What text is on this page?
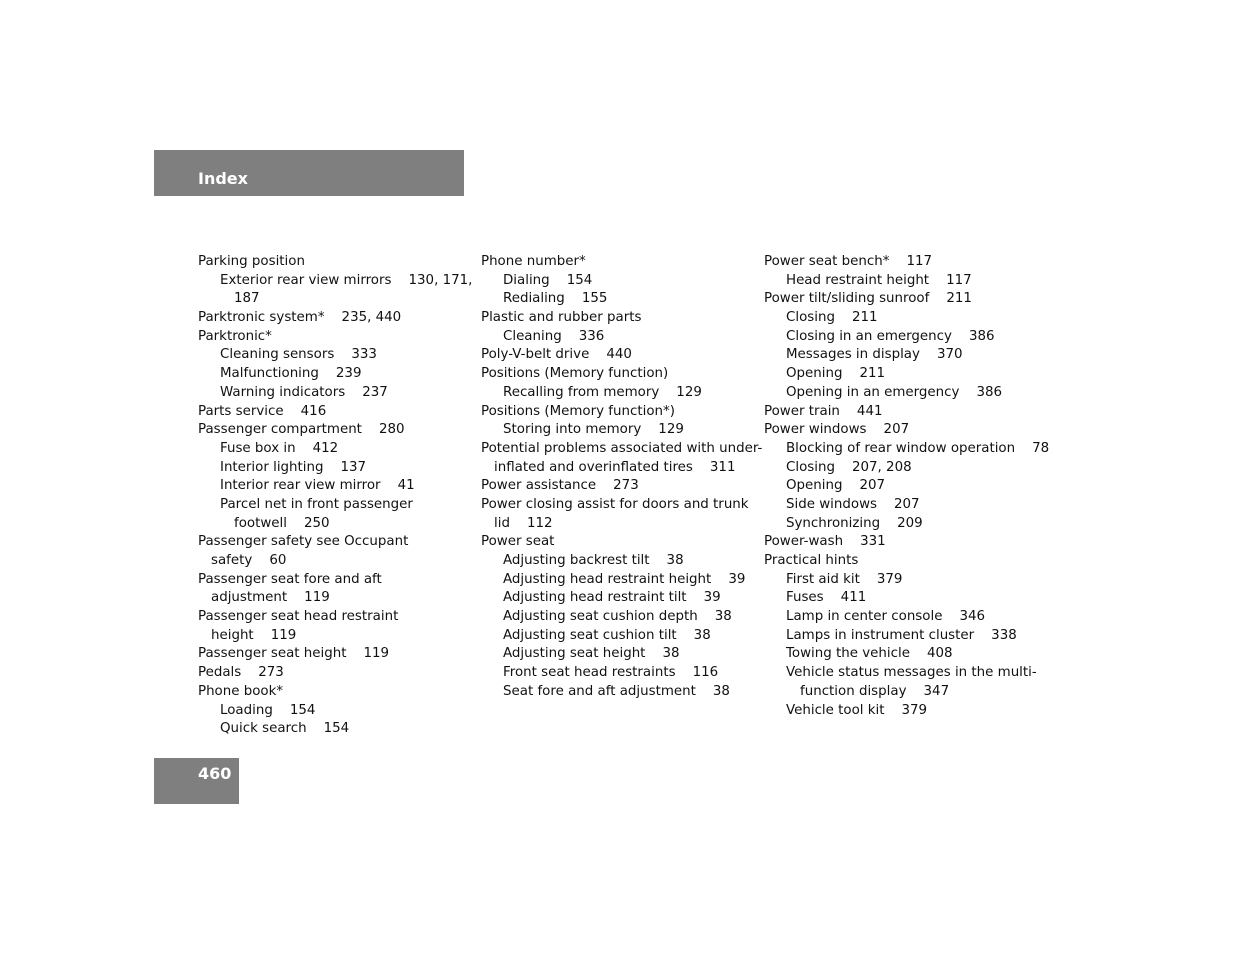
Index
Parking position
Exterior rear view mirrors    130, 171,
187
Parktronic system*    235, 440
Parktronic*
Cleaning sensors    333
Malfunctioning    239
Warning indicators    237
Parts service    416
Passenger compartment    280
Fuse box in    412
Interior lighting    137
Interior rear view mirror    41
Parcel net in front passenger
footwell    250
Passenger safety see Occupant
safety    60
Passenger seat fore and aft
adjustment    119
Passenger seat head restraint
height    119
Passenger seat height    119
Pedals    273
Phone book*
Loading    154
Quick search    154
Phone number*
Dialing    154
Redialing    155
Plastic and rubber parts
Cleaning    336
Poly-V-belt drive    440
Positions (Memory function)
Recalling from memory    129
Positions (Memory function*)
Storing into memory    129
Potential problems associated with under-
inflated and overinflated tires    311
Power assistance    273
Power closing assist for doors and trunk
lid    112
Power seat
Adjusting backrest tilt    38
Adjusting head restraint height    39
Adjusting head restraint tilt    39
Adjusting seat cushion depth    38
Adjusting seat cushion tilt    38
Adjusting seat height    38
Front seat head restraints    116
Seat fore and aft adjustment    38
Power seat bench*    117
Head restraint height    117
Power tilt/sliding sunroof    211
Closing    211
Closing in an emergency    386
Messages in display    370
Opening    211
Opening in an emergency    386
Power train    441
Power windows    207
Blocking of rear window operation    78
Closing    207, 208
Opening    207
Side windows    207
Synchronizing    209
Power-wash    331
Practical hints
First aid kit    379
Fuses    411
Lamp in center console    346
Lamps in instrument cluster    338
Towing the vehicle    408
Vehicle status messages in the multi-
function display    347
Vehicle tool kit    379
460
